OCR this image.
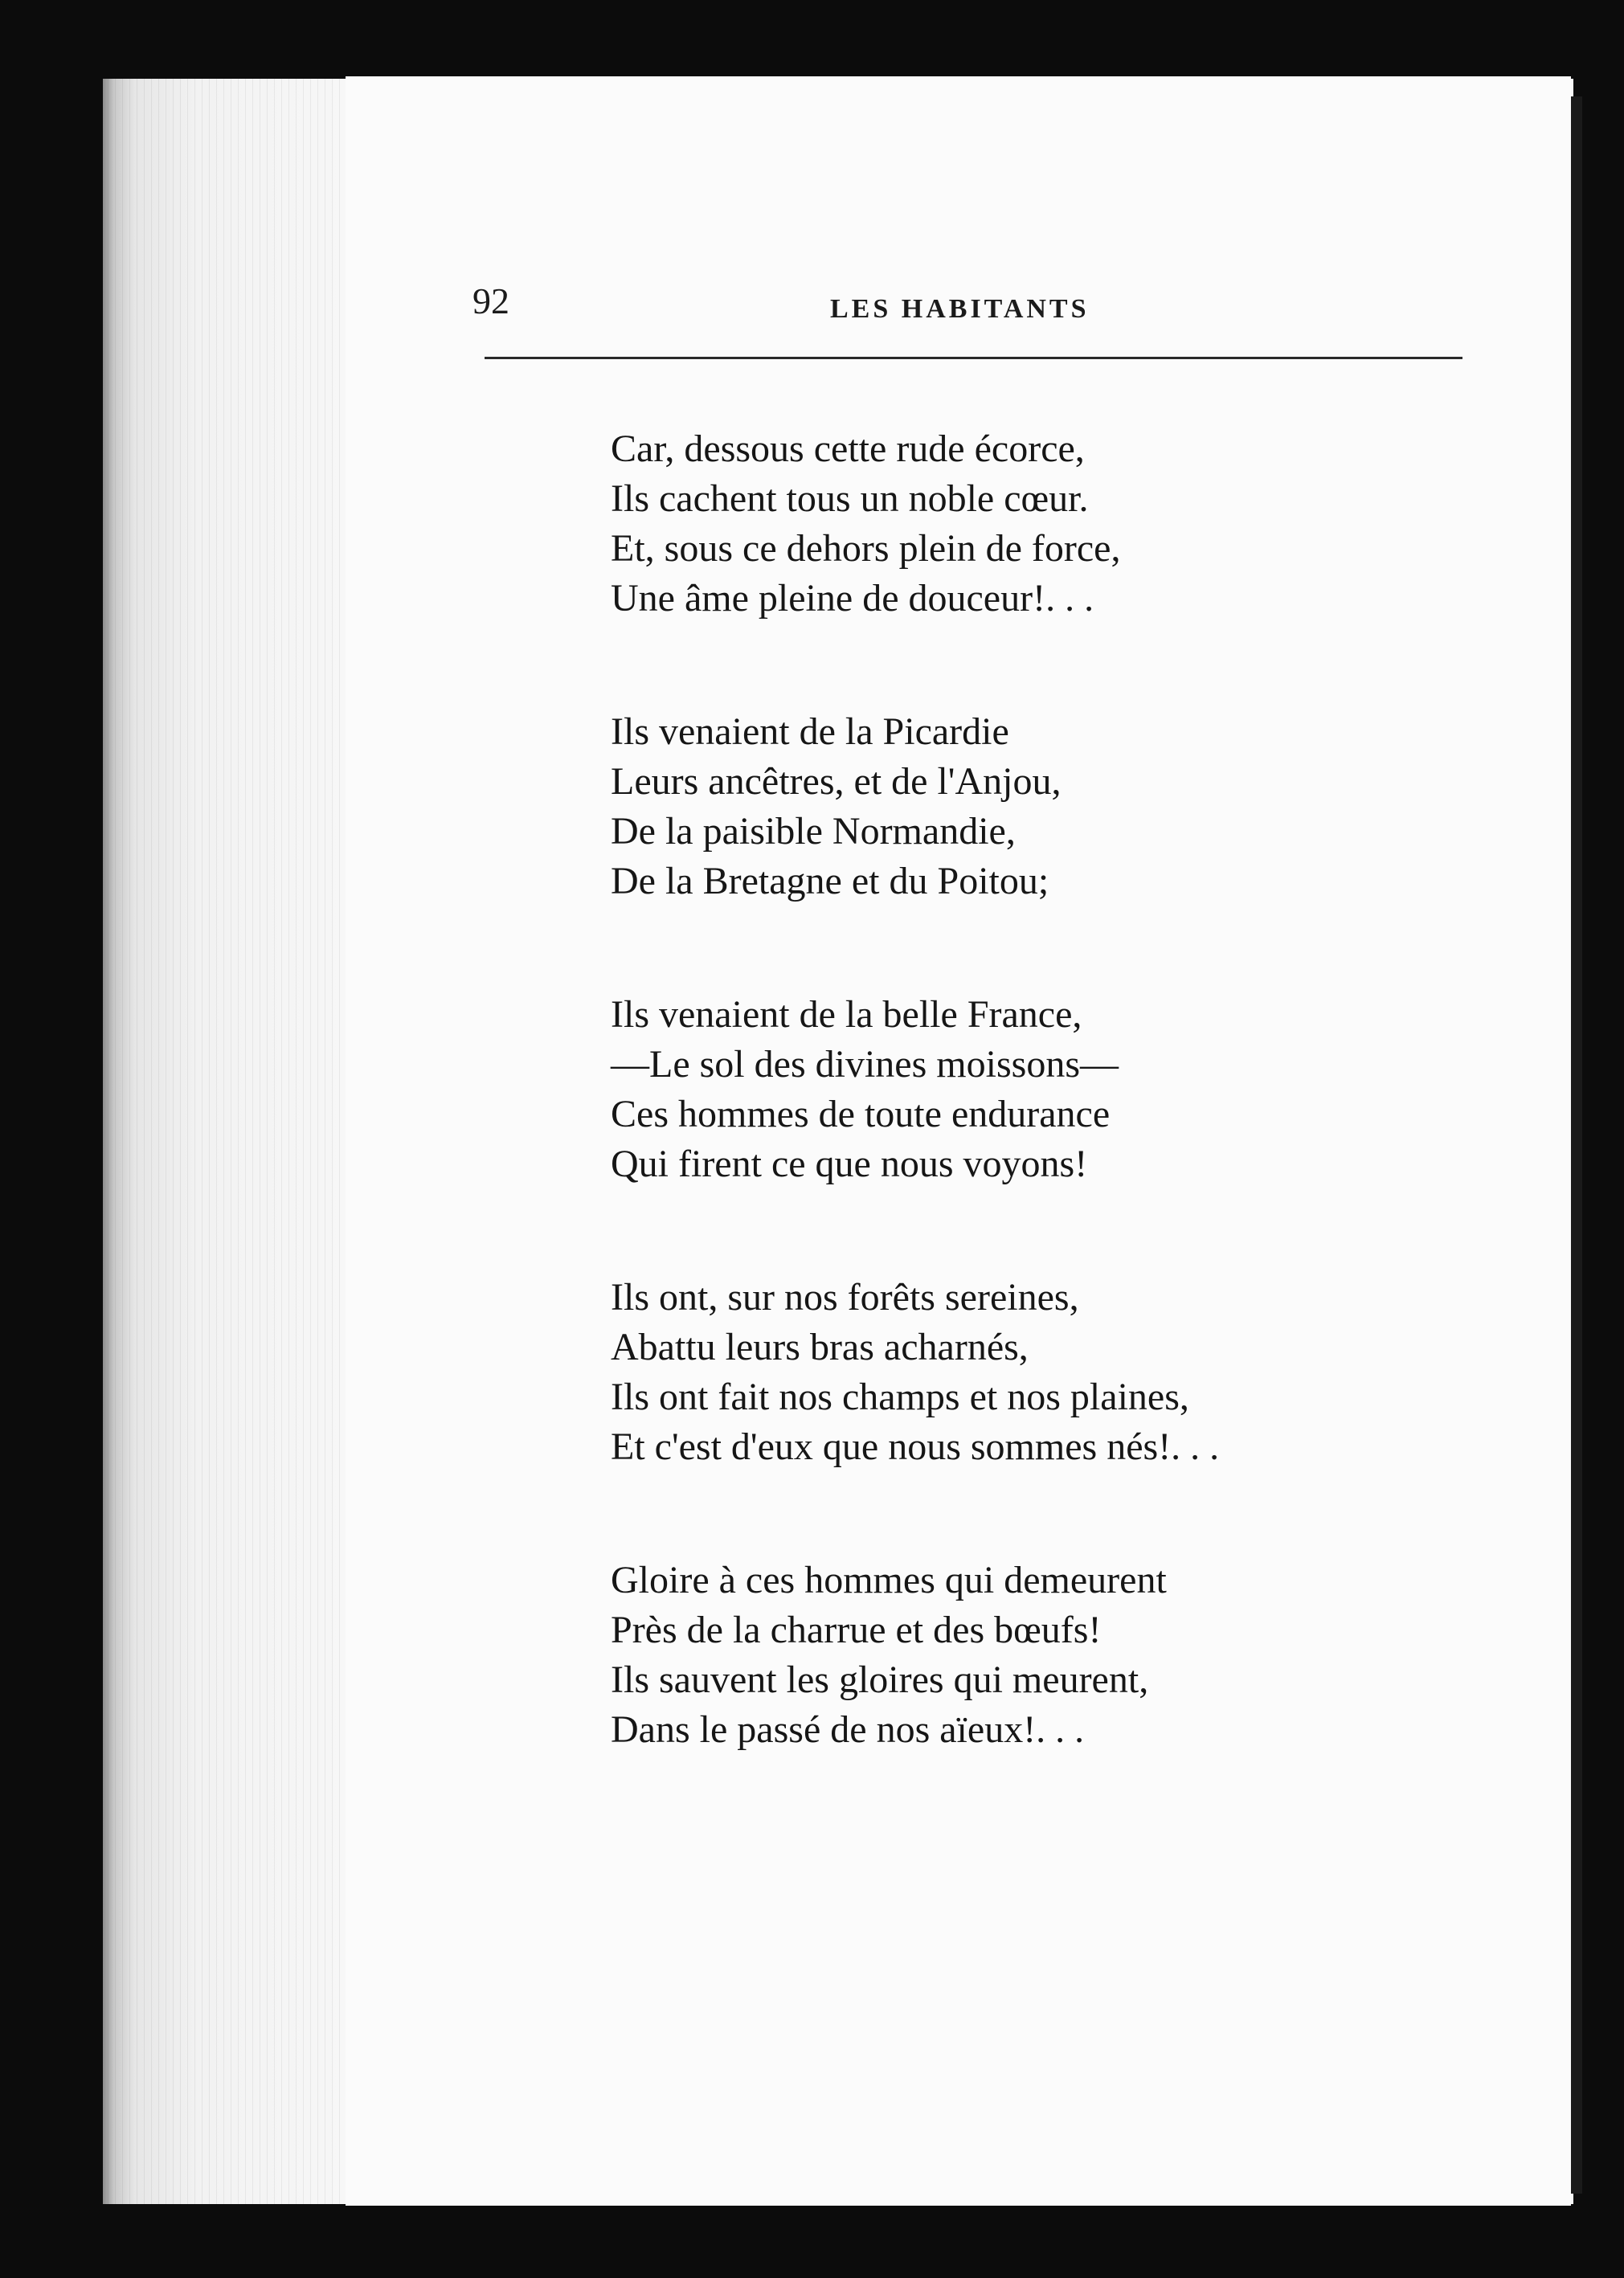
92	LES HABITANTS

Car, dessous cette rude écorce,
Ils cachent tous un noble cœur.
Et, sous ce dehors plein de force,
Une âme pleine de douceur!. . .
Ils venaient de la Picardie
Leurs ancêtres, et de l'Anjou,
De la paisible Normandie,
De la Bretagne et du Poitou;
Ils venaient de la belle France,
—Le sol des divines moissons—
Ces hommes de toute endurance
Qui firent ce que nous voyons!
Ils ont, sur nos forêts sereines,
Abattu leurs bras acharnés,
Ils ont fait nos champs et nos plaines,
Et c'est d'eux que nous sommes nés!. . .
Gloire à ces hommes qui demeurent
Près de la charrue et des bœufs!
Ils sauvent les gloires qui meurent,
Dans le passé de nos aïeux!. . .
